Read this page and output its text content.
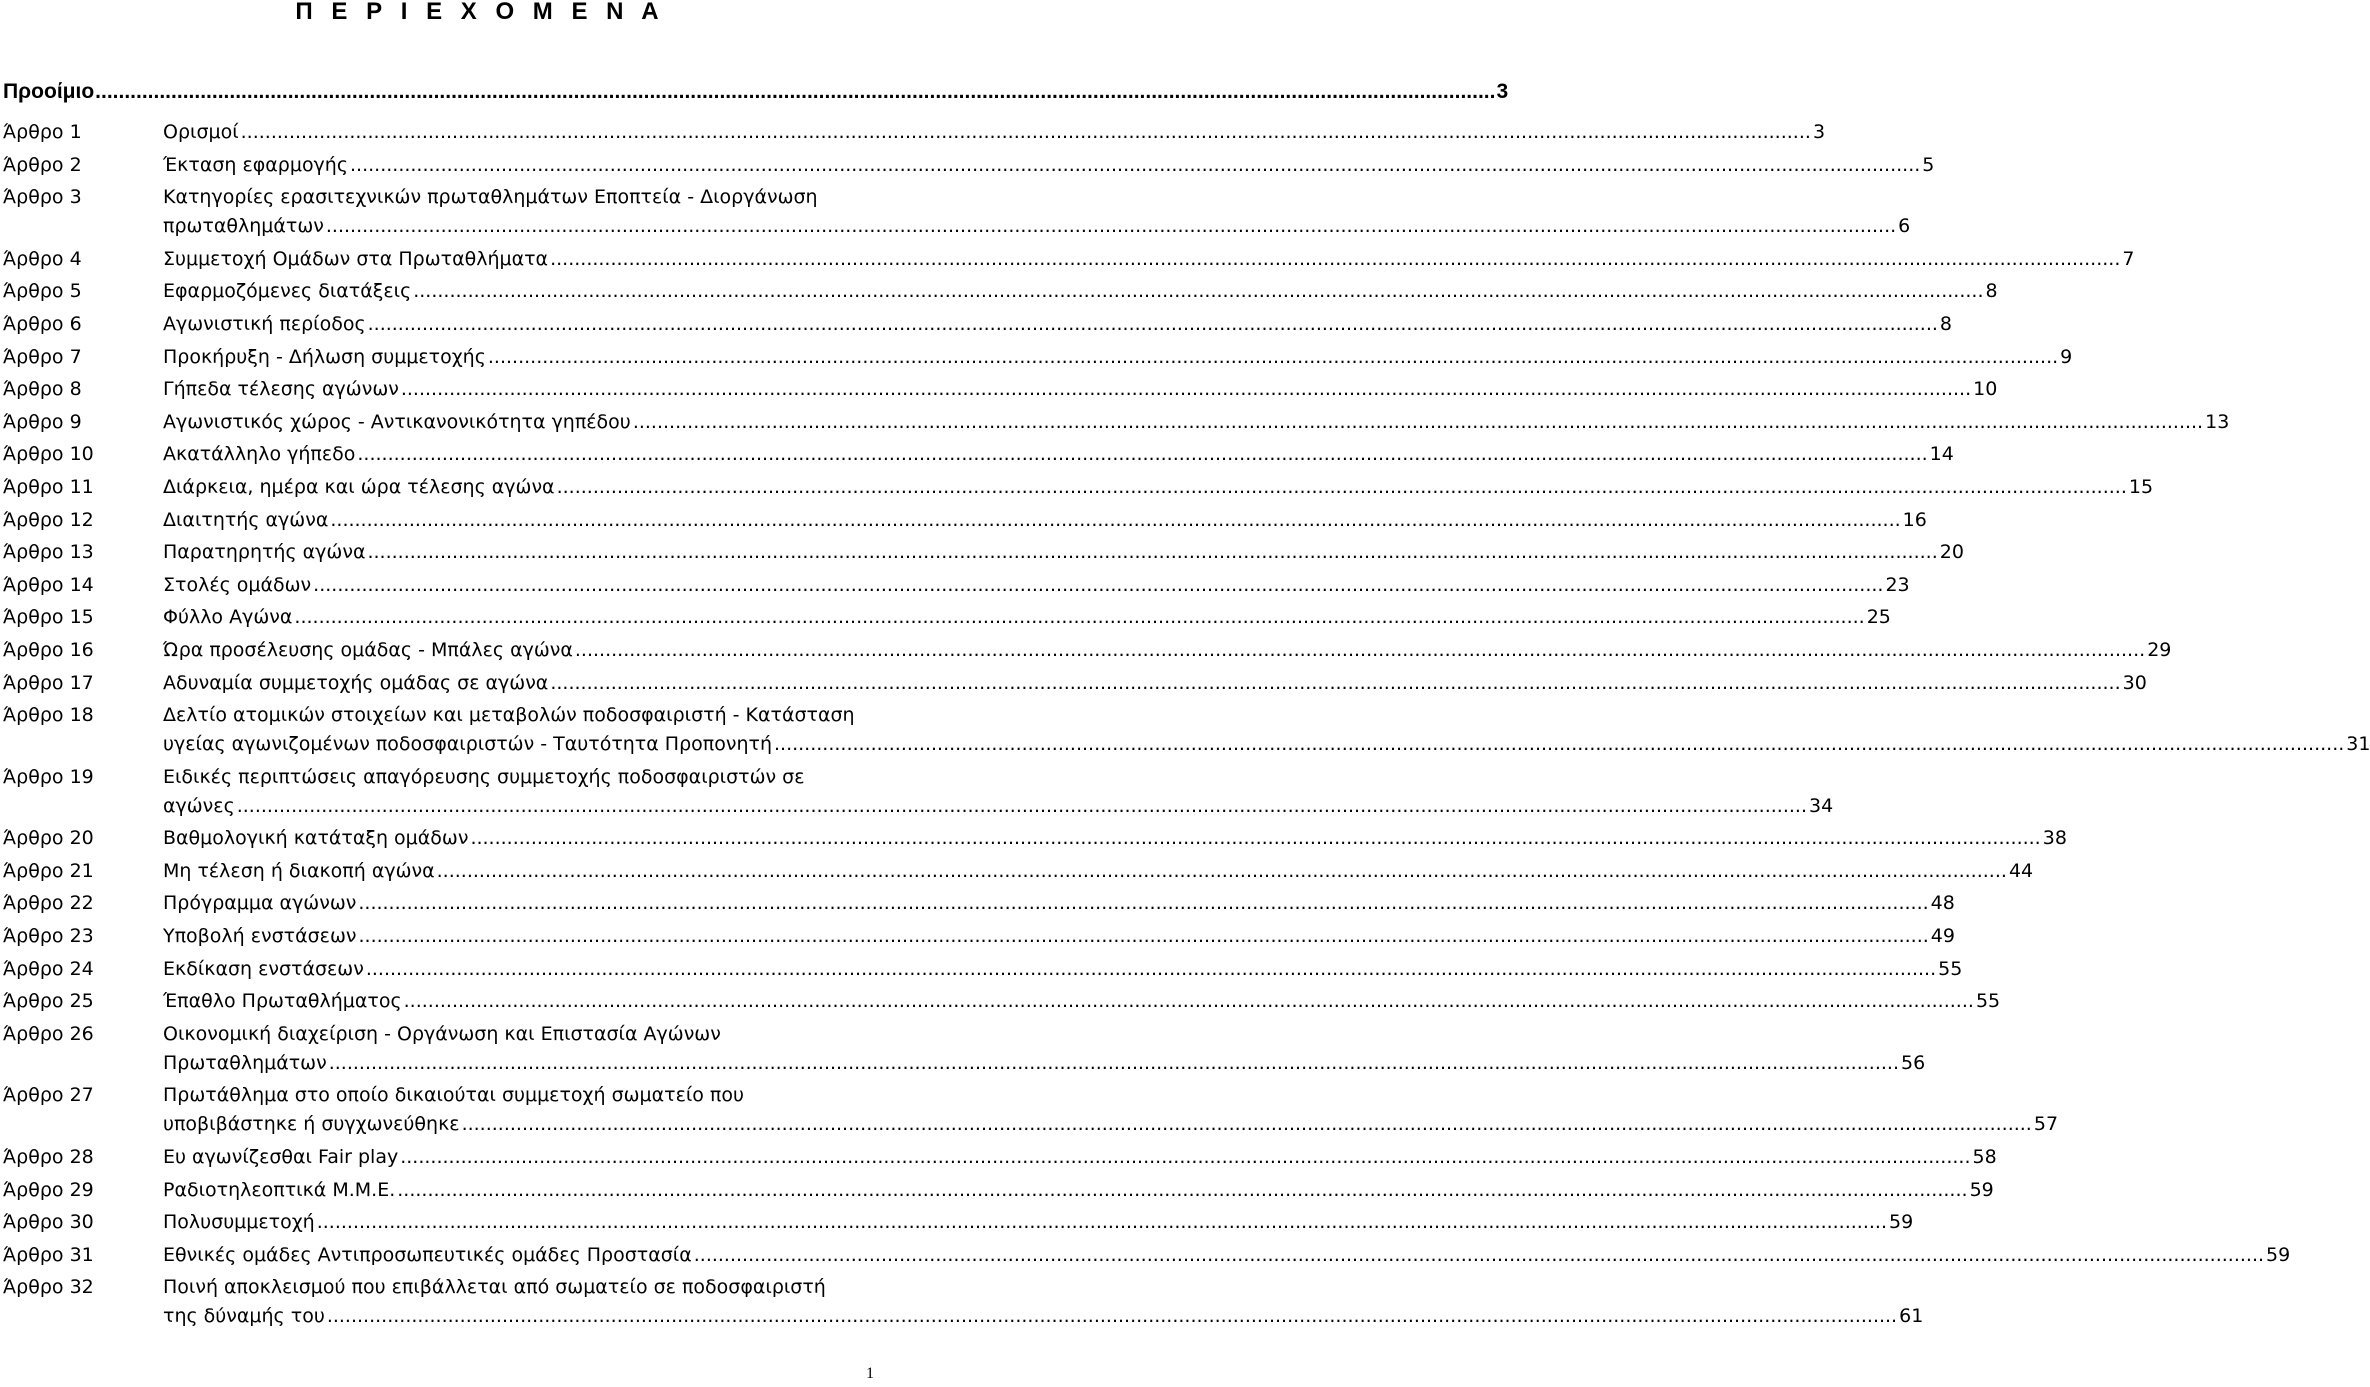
Π Ε Ρ Ι Ε Χ Ο Μ Ε Ν Α
Προοίμιο ................................................................................................................................................................................................................................................ 3
Άρθρο 1	Ορισμοί .................................................................................................................................................................................................................................................................... 3
Άρθρο 2	Έκταση εφαρμογής .................................................................................................................................................................................................................................................................... 5
Άρθρο 3	Κατηγορίες ερασιτεχνικών πρωταθλημάτων Εποπτεία - Διοργάνωση
πρωταθλημάτων .................................................................................................................................................................................................................................................................... 6
Άρθρο 4	Συμμετοχή Ομάδων στα Πρωταθλήματα .................................................................................................................................................................................................................................................................... 7
Άρθρο 5	Εφαρμοζόμενες διατάξεις .................................................................................................................................................................................................................................................................... 8
Άρθρο 6	Αγωνιστική περίοδος .................................................................................................................................................................................................................................................................... 8
Άρθρο 7	Προκήρυξη - Δήλωση συμμετοχής .................................................................................................................................................................................................................................................................... 9
Άρθρο 8	Γήπεδα τέλεσης αγώνων .................................................................................................................................................................................................................................................................... 10
Άρθρο 9	Αγωνιστικός χώρος - Αντικανονικότητα γηπέδου .................................................................................................................................................................................................................................................................... 13
Άρθρο 10	Ακατάλληλο γήπεδο .................................................................................................................................................................................................................................................................... 14
Άρθρο 11	Διάρκεια, ημέρα και ώρα τέλεσης αγώνα .................................................................................................................................................................................................................................................................... 15
Άρθρο 12	Διαιτητής αγώνα .................................................................................................................................................................................................................................................................... 16
Άρθρο 13	Παρατηρητής αγώνα .................................................................................................................................................................................................................................................................... 20
Άρθρο 14	Στολές ομάδων .................................................................................................................................................................................................................................................................... 23
Άρθρο 15	Φύλλο Αγώνα .................................................................................................................................................................................................................................................................... 25
Άρθρο 16	Ώρα προσέλευσης ομάδας - Μπάλες αγώνα .................................................................................................................................................................................................................................................................... 29
Άρθρο 17	Αδυναμία συμμετοχής ομάδας σε αγώνα .................................................................................................................................................................................................................................................................... 30
Άρθρο 18	Δελτίο ατομικών στοιχείων και μεταβολών ποδοσφαιριστή - Κατάσταση
υγείας αγωνιζομένων ποδοσφαιριστών - Ταυτότητα Προπονητή .................................................................................................................................................................................................................................................................... 31
Άρθρο 19	Ειδικές περιπτώσεις απαγόρευσης συμμετοχής ποδοσφαιριστών σε
αγώνες .................................................................................................................................................................................................................................................................... 34
Άρθρο 20	Βαθμολογική κατάταξη ομάδων .................................................................................................................................................................................................................................................................... 38
Άρθρο 21	Μη τέλεση ή διακοπή αγώνα .................................................................................................................................................................................................................................................................... 44
Άρθρο 22	Πρόγραμμα αγώνων .................................................................................................................................................................................................................................................................... 48
Άρθρο 23	Υποβολή ενστάσεων .................................................................................................................................................................................................................................................................... 49
Άρθρο 24	Εκδίκαση ενστάσεων .................................................................................................................................................................................................................................................................... 55
Άρθρο 25	Έπαθλο Πρωταθλήματος .................................................................................................................................................................................................................................................................... 55
Άρθρο 26	Οικονομική διαχείριση - Οργάνωση και Επιστασία Αγώνων
Πρωταθλημάτων .................................................................................................................................................................................................................................................................... 56
Άρθρο 27	Πρωτάθλημα στο οποίο δικαιούται συμμετοχή σωματείο που
υποβιβάστηκε ή συγχωνεύθηκε .................................................................................................................................................................................................................................................................... 57
Άρθρο 28	Ευ αγωνίζεσθαι Fair play .................................................................................................................................................................................................................................................................... 58
Άρθρο 29	Ραδιοτηλεοπτικά Μ.Μ.Ε. .................................................................................................................................................................................................................................................................... 59
Άρθρο 30	Πολυσυμμετοχή .................................................................................................................................................................................................................................................................... 59
Άρθρο 31	Εθνικές ομάδες Αντιπροσωπευτικές ομάδες Προστασία .................................................................................................................................................................................................................................................................... 59
Άρθρο 32	Ποινή αποκλεισμού που επιβάλλεται από σωματείο σε ποδοσφαιριστή
της δύναμής του .................................................................................................................................................................................................................................................................... 61
1
